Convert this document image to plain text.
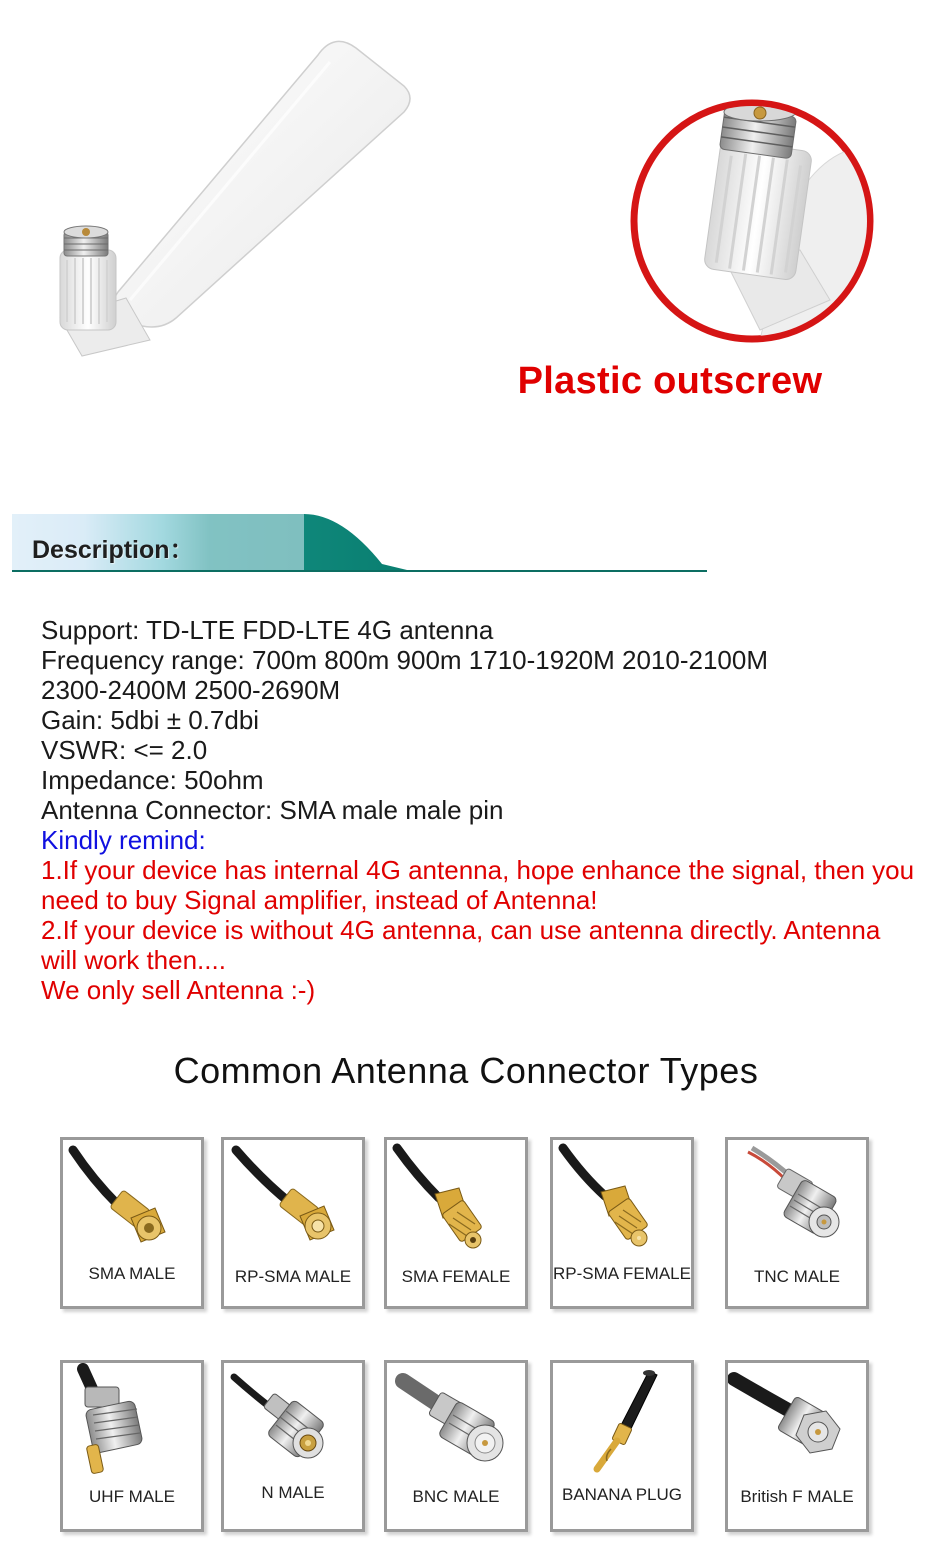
Plastic outscrew
Description：
Support: TD-LTE FDD-LTE 4G antenna
Frequency range: 700m 800m 900m 1710-1920M 2010-2100M
2300-2400M 2500-2690M
Gain: 5dbi ± 0.7dbi
VSWR: <= 2.0
Impedance: 50ohm
Antenna Connector: SMA male male pin
Kindly remind:
1.If your device has internal 4G antenna, hope enhance the signal, then you need to buy Signal amplifier, instead of Antenna!
2.If your device is without 4G antenna, can use antenna directly. Antenna will work then....
We only sell Antenna :-)
Common Antenna Connector Types
SMA MALE	RP-SMA MALE	SMA FEMALE	RP-SMA FEMALE	TNC MALE
UHF MALE	N MALE	BNC MALE	BANANA PLUG	British F MALE
